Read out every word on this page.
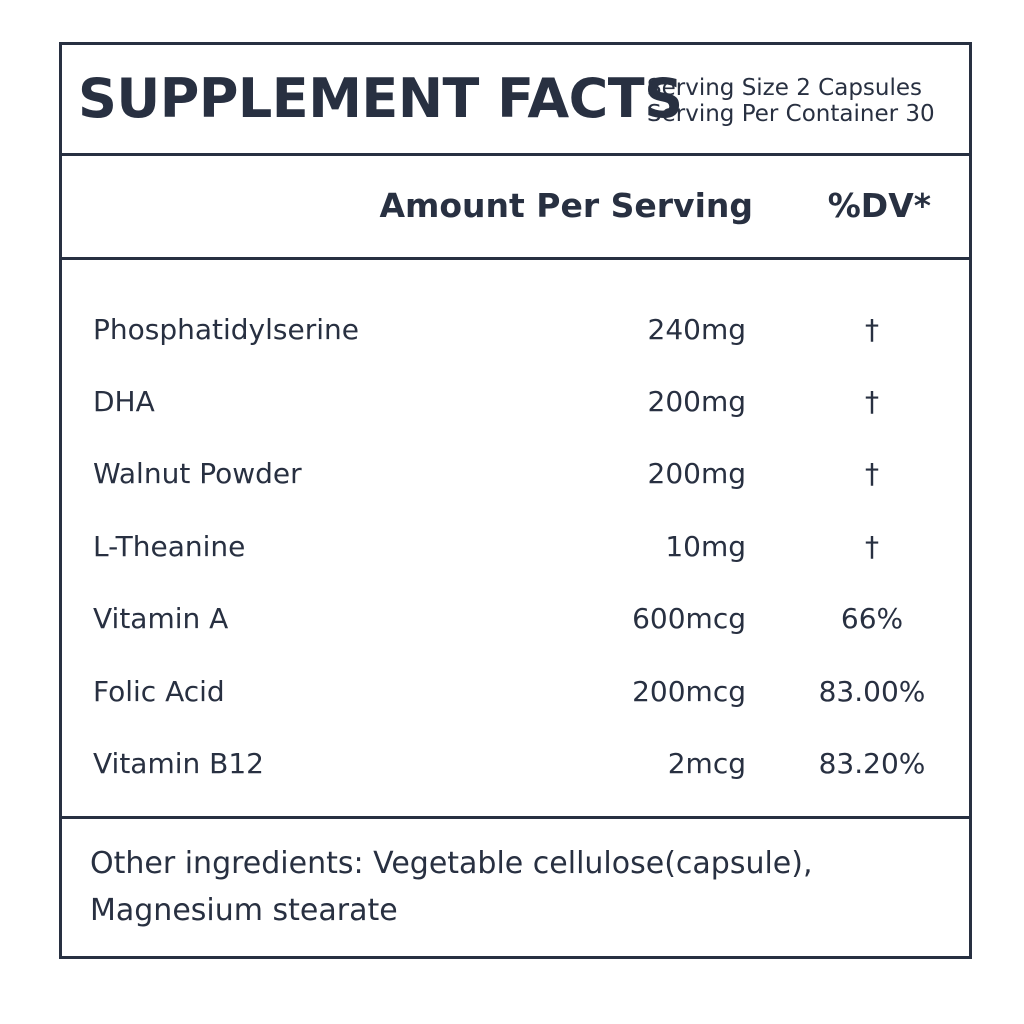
SUPPLEMENT FACTS
Serving Size 2 Capsules
Serving Per Container 30
Amount Per Serving %DV*
Phosphatidylserine	240mg	†
DHA	200mg	†
Walnut Powder	200mg	†
L-Theanine	10mg	†
Vitamin A	600mcg	66%
Folic Acid	200mcg	83.00%
Vitamin B12	2mcg	83.20%
Other ingredients: Vegetable cellulose(capsule),
Magnesium stearate
